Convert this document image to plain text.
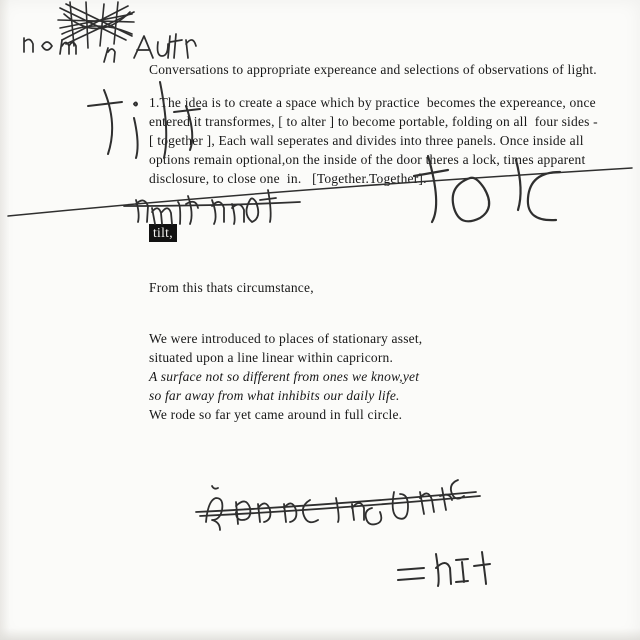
Conversations to appropriate expereance and selections of observations of light.
1.The idea is to create a space which by practice  becomes the expereance, once
entered it transformes, [ to alter ] to become portable, folding on all  four sides -
[ together ], Each wall seperates and divides into three panels. Once inside all
options remain optional,on the inside of the door theres a lock, times apparent
disclosure, to close one  in.   [Together.Together].
tilt,
From this thats circumstance,
We were introduced to places of stationary asset,
situated upon a line linear within capricorn.
A surface not so different from ones we know,yet
so far away from what inhibits our daily life.
We rode so far yet came around in full circle.
